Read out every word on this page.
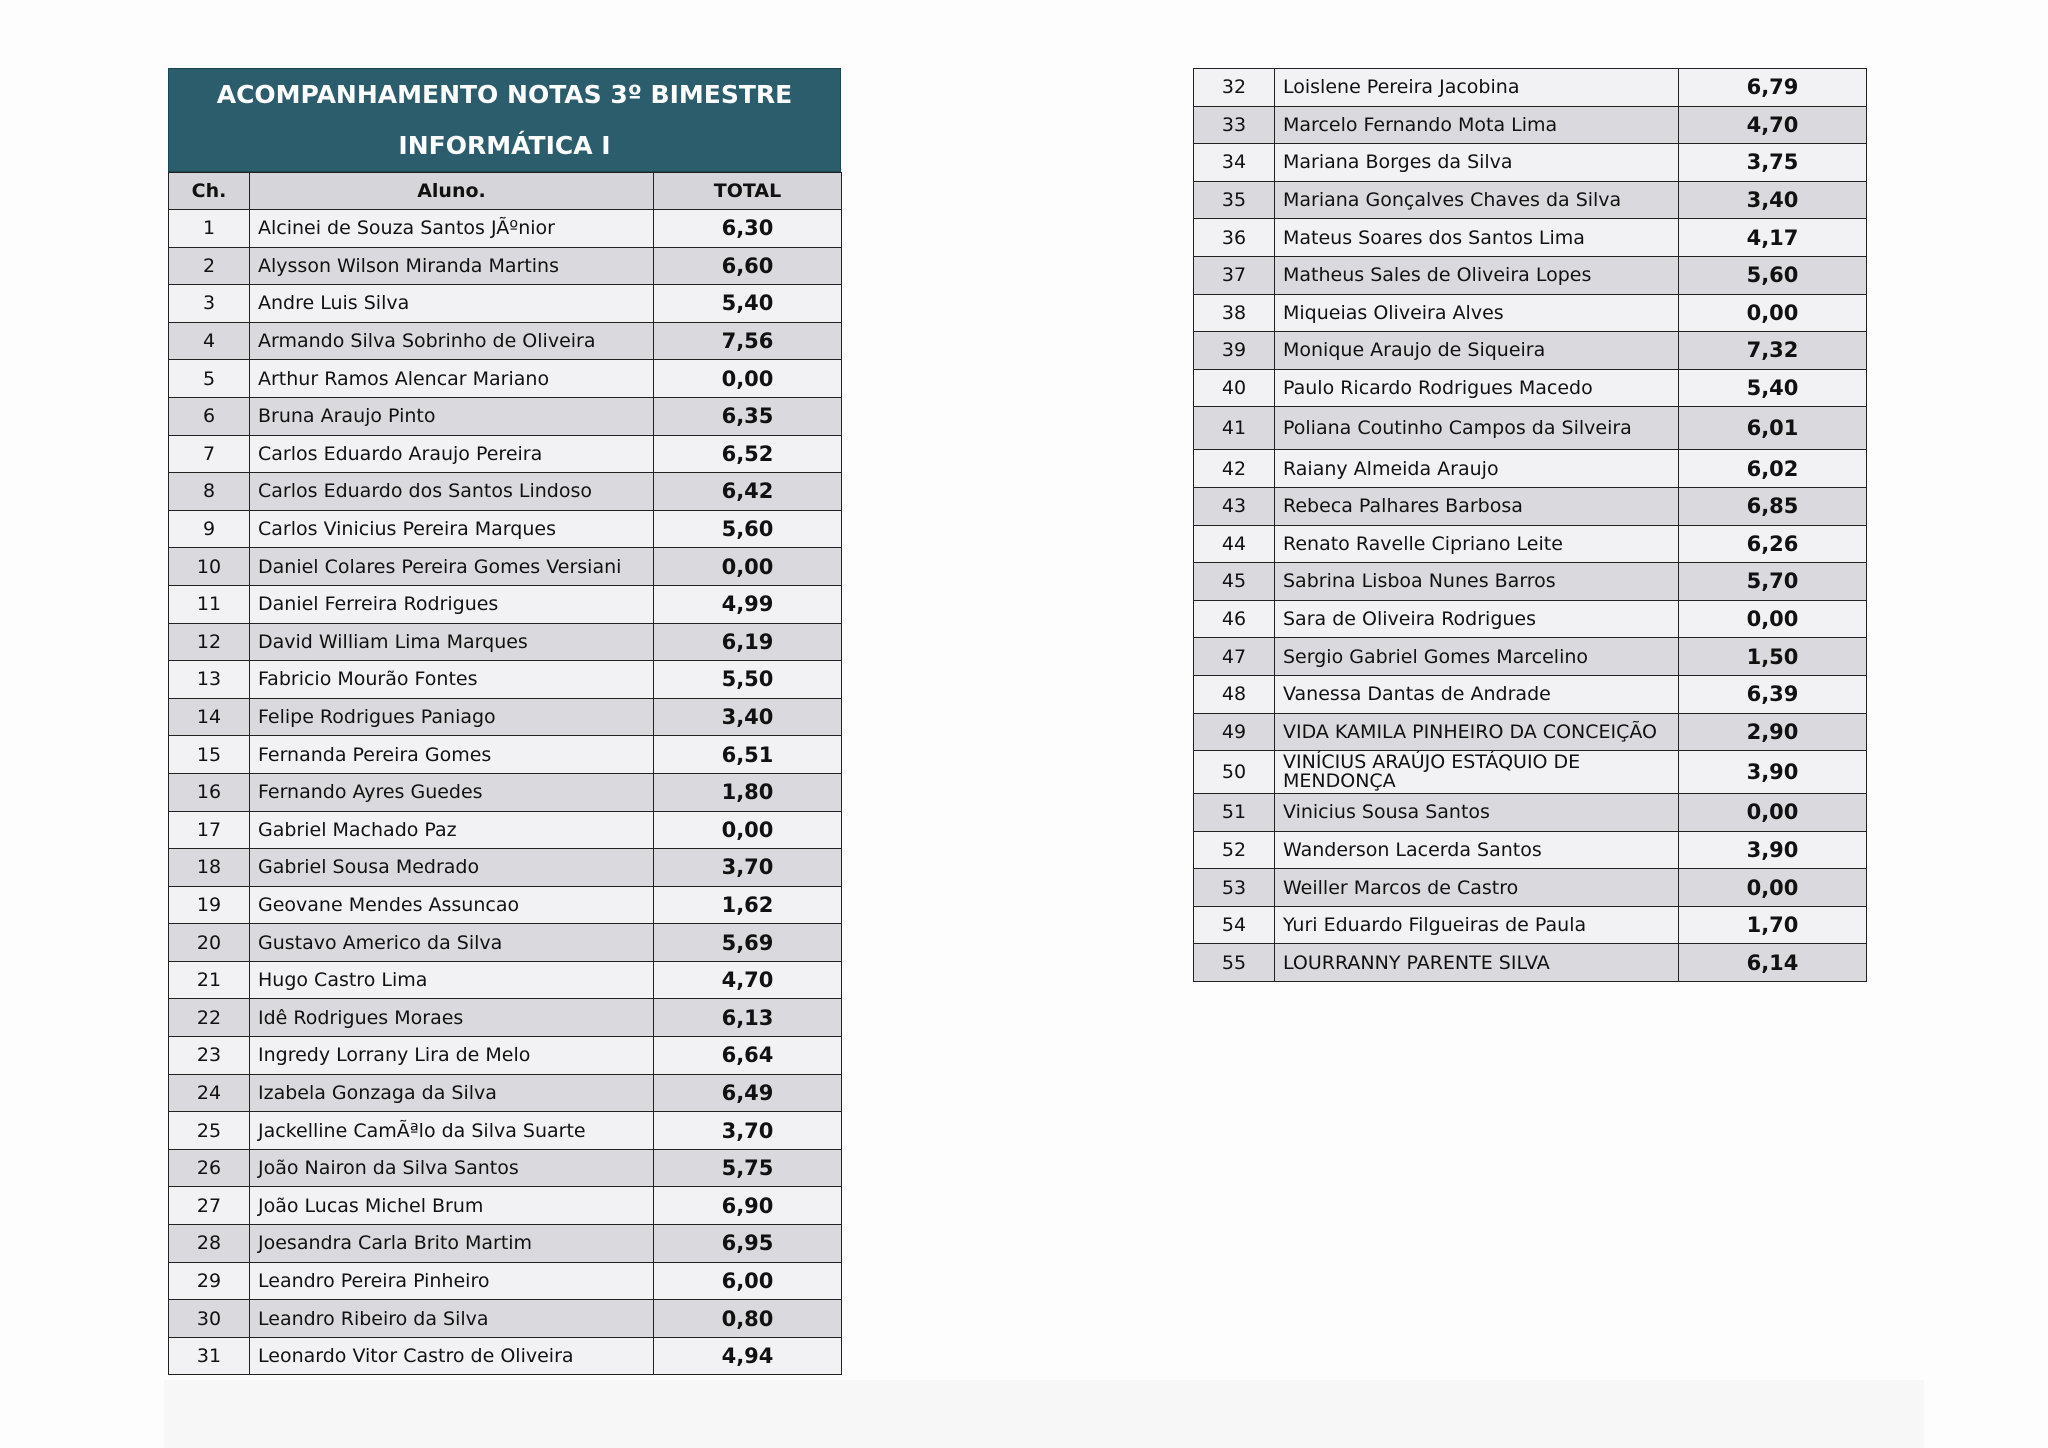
ACOMPANHAMENTO NOTAS 3º BIMESTRE
INFORMÁTICA I
Ch.	Aluno.	TOTAL
1	Alcinei de Souza Santos JÃºnior	6,30
2	Alysson Wilson Miranda Martins	6,60
3	Andre Luis Silva	5,40
4	Armando Silva Sobrinho de Oliveira	7,56
5	Arthur Ramos Alencar Mariano	0,00
6	Bruna Araujo Pinto	6,35
7	Carlos Eduardo Araujo Pereira	6,52
8	Carlos Eduardo dos Santos Lindoso	6,42
9	Carlos Vinicius Pereira Marques	5,60
10	Daniel Colares Pereira Gomes Versiani	0,00
11	Daniel Ferreira Rodrigues	4,99
12	David William Lima Marques	6,19
13	Fabricio Mourão Fontes	5,50
14	Felipe Rodrigues Paniago	3,40
15	Fernanda Pereira Gomes	6,51
16	Fernando Ayres Guedes	1,80
17	Gabriel Machado Paz	0,00
18	Gabriel Sousa Medrado	3,70
19	Geovane Mendes Assuncao	1,62
20	Gustavo Americo da Silva	5,69
21	Hugo Castro Lima	4,70
22	Idê Rodrigues Moraes	6,13
23	Ingredy Lorrany Lira de Melo	6,64
24	Izabela Gonzaga da Silva	6,49
25	Jackelline CamÃªlo da Silva Suarte	3,70
26	João Nairon da Silva Santos	5,75
27	João Lucas Michel Brum	6,90
28	Joesandra Carla Brito Martim	6,95
29	Leandro Pereira Pinheiro	6,00
30	Leandro Ribeiro da Silva	0,80
31	Leonardo Vitor Castro de Oliveira	4,94
32	Loislene Pereira Jacobina	6,79
33	Marcelo Fernando Mota Lima	4,70
34	Mariana Borges da Silva	3,75
35	Mariana Gonçalves Chaves da Silva	3,40
36	Mateus Soares dos Santos Lima	4,17
37	Matheus Sales de Oliveira Lopes	5,60
38	Miqueias Oliveira Alves	0,00
39	Monique Araujo de Siqueira	7,32
40	Paulo Ricardo Rodrigues Macedo	5,40
41	Poliana Coutinho Campos da Silveira	6,01
42	Raiany Almeida Araujo	6,02
43	Rebeca Palhares Barbosa	6,85
44	Renato Ravelle Cipriano Leite	6,26
45	Sabrina Lisboa Nunes Barros	5,70
46	Sara de Oliveira Rodrigues	0,00
47	Sergio Gabriel Gomes Marcelino	1,50
48	Vanessa Dantas de Andrade	6,39
49	VIDA KAMILA PINHEIRO DA CONCEIÇÃO	2,90
50	VINÍCIUS ARAÚJO ESTÁQUIO DE MENDONÇA	3,90
51	Vinicius Sousa Santos	0,00
52	Wanderson Lacerda Santos	3,90
53	Weiller Marcos de Castro	0,00
54	Yuri Eduardo Filgueiras de Paula	1,70
55	LOURRANNY PARENTE SILVA	6,14
